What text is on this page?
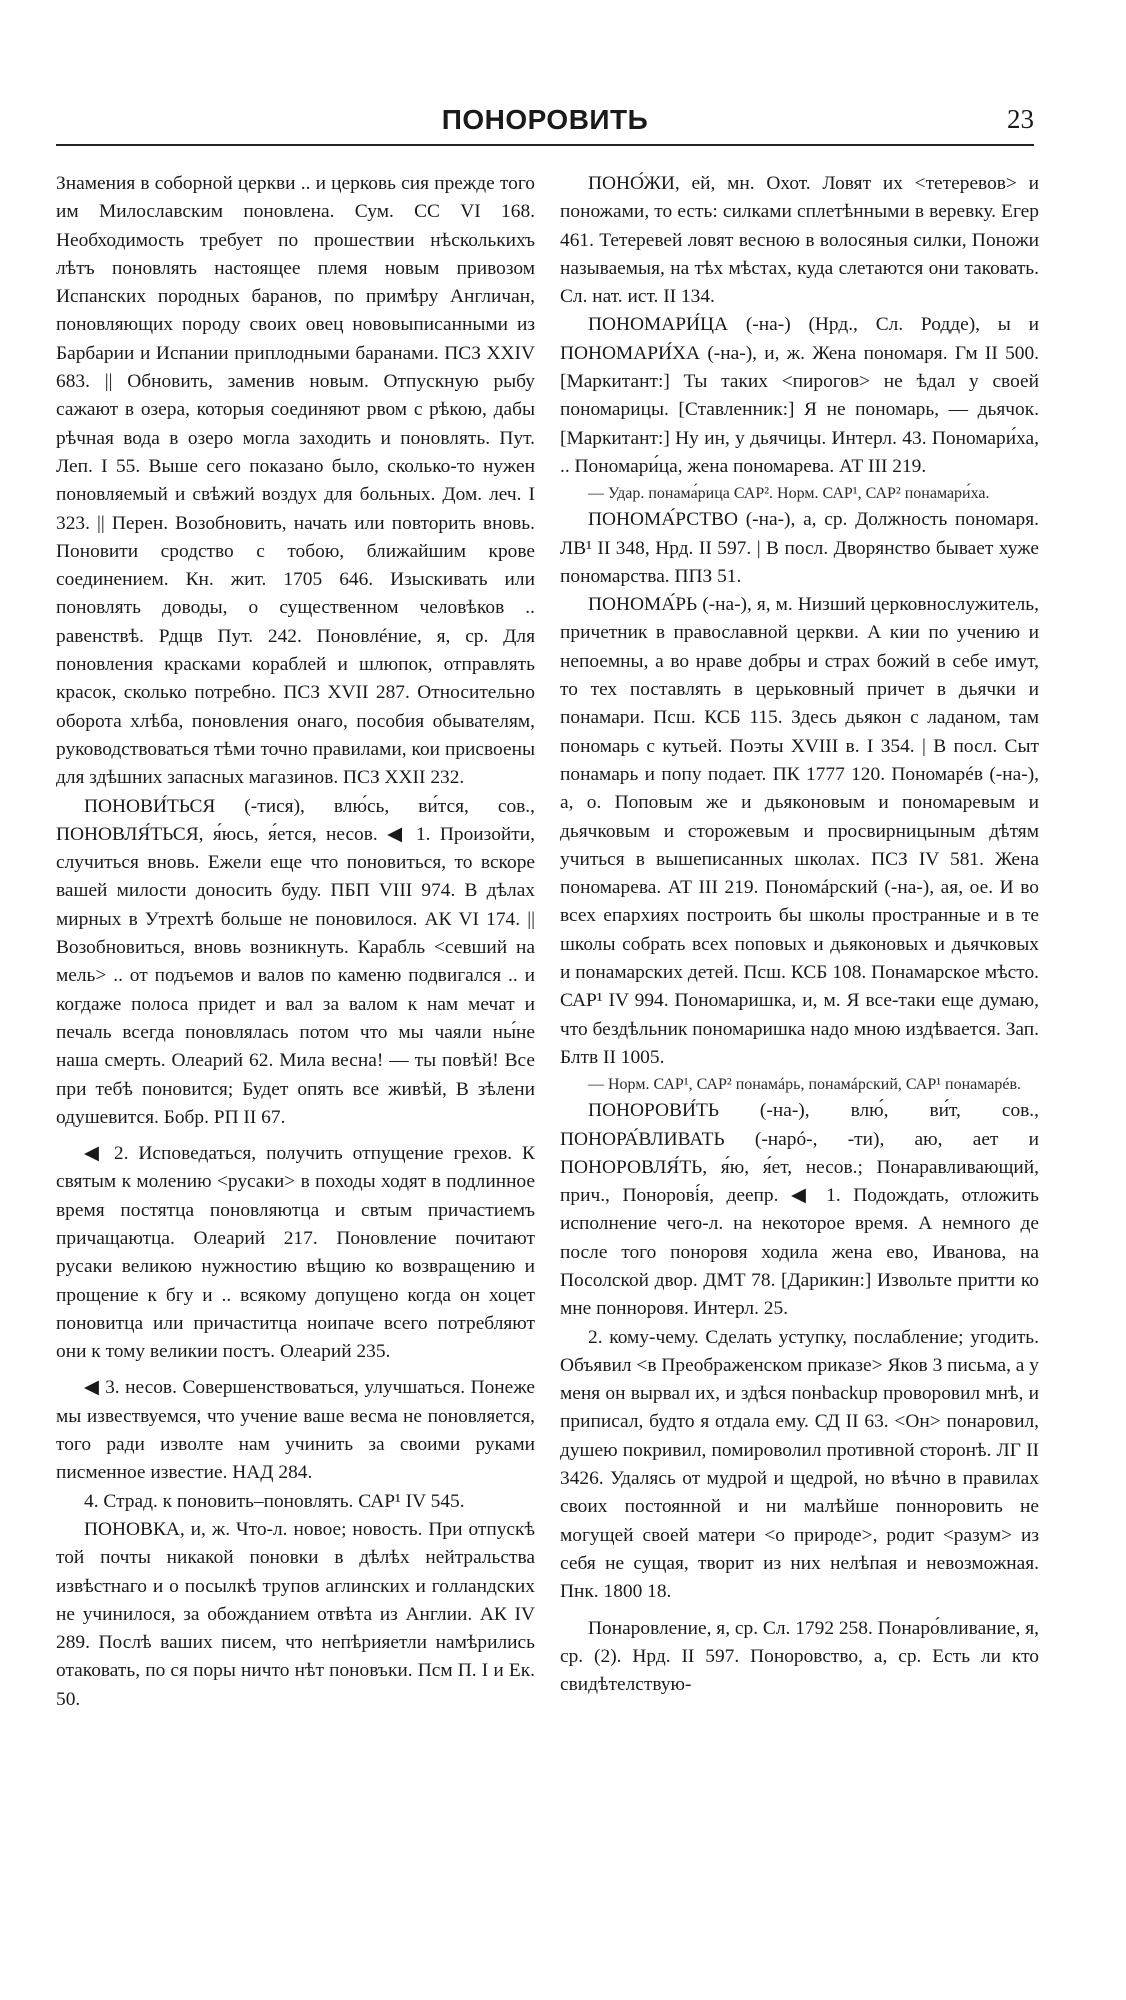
ПОНОРОВИТЬ	23

Знамения в соборной церкви .. и церковь сия прежде того им Милославским поновлена. Сум. СС VI 168. Необходимость требует по прошествии нѣсколькихъ лѣтъ поновлять настоящее племя новым привозом Испанских породных баранов, по примѣру Англичан, поновляющих породу своих овец нововыписанными из Барбарии и Испании приплодными баранами. ПСЗ XXIV 683. || Обновить, заменив новым. Отпускную рыбу сажают в озера, которыя соединяют рвом с рѣкою, дабы рѣчная вода в озеро могла заходить и поновлять. Пут. Леп. I 55. Выше сего показано было, сколько-то нужен поновляемый и свѣжий воздух для больных. Дом. леч. I 323. || Перен. Возобновить, начать или повторить вновь. Поновити сродство с тобою, ближайшим крове соединением. Кн. жит. 1705 646. Изыскивать или поновлять доводы, о существенном человѣков .. равенствѣ. Рдщв Пут. 242. Поновлéние, я, ср. Для поновления красками кораблей и шлюпок, отправлять красок, сколько потребно. ПСЗ XVII 287. Относительно оборота хлѣба, поновления онаго, пособия обывателям, руководствоваться тѣми точно правилами, кои присвоены для здѣшних запасных магазинов. ПСЗ XXII 232.

ПОНОВИ́ТЬСЯ (-тися), влю́сь, ви́тся, сов., ПОНОВЛЯ́ТЬСЯ, я́юсь, я́ется, несов. ◀ 1. Произойти, случиться вновь. Ежели еще что поновиться, то вскоре вашей милости доносить буду. ПБП VIII 974. В дѣлах мирных в Утрехтѣ больше не поновилося. АК VI 174. || Возобновиться, вновь возникнуть. Карабль <севший на мель> .. от подъемов и валов по каменю подвигался .. и когдаже полоса придет и вал за валом к нам мечат и печаль всегда поновлялась потом что мы чаяли ны́не наша смерть. Олеарий 62. Мила весна! — ты повѣй! Все при тебѣ поновится; Будет опять все живѣй, В зѣлени одушевится. Бобр. РП II 67.

◀ 2. Исповедаться, получить отпущение грехов. К святым к молению <русаки> в походы ходят в подлинное время постятца поновляютца и свтым причастиемъ причащаютца. Олеарий 217. Поновление почитают русаки великою нужностию вѣщию ко возвращению и прощение к бгу и .. всякому допущено когда он хоцет поновитца или причаститца ноипаче всего потребляют они к тому великии постъ. Олеарий 235.

◀ 3. несов. Совершенствоваться, улучшаться. Понеже мы извествуемся, что учение ваше весма не поновляется, того ради изволте нам учинить за своими руками писменное известие. НАД 284.

4. Страд. к поновить–поновлять. САР¹ IV 545.

ПОНОВКА, и, ж. Что-л. новое; новость. При отпускѣ той почты никакой поновки в дѣлѣх нейтральства извѣстнаго и о посылкѣ трупов аглинских и голландских не учинилося, за обожданием отвѣта из Англии. АК IV 289. Послѣ ваших писем, что непѣрияетли намѣрились отаковать, по ся поры ничто нѣт поновъки. Псм П. I и Ек. 50.

ПОНО́ЖИ, ей, мн. Охот. Ловят их <тетеревов> и поножами, то есть: силками сплетѣнными в веревку. Егер 461. Тетеревей ловят весною в волосяныя силки, Поножи называемыя, на тѣх мѣстах, куда слетаются они таковать. Сл. нат. ист. II 134.

ПОНОМАРИ́ЦА (-на-) (Нрд., Сл. Родде), ы и ПОНОМАРИ́ХА (-на-), и, ж. Жена пономаря. Гм II 500. [Маркитант:] Ты таких <пирогов> не ѣдал у своей пономарицы. [Ставленник:] Я не пономарь, — дьячок. [Маркитант:] Ну ин, у дьячицы. Интерл. 43. Пономари́ха, .. Пономари́ца, жена пономарева. АТ III 219.

— Удар. понама́рица САР². Норм. САР¹, САР² понамари́ха.

ПОНОМА́РСТВО (-на-), а, ср. Должность пономаря. ЛВ¹ II 348, Нрд. II 597. | В посл. Дворянство бывает хуже пономарства. ППЗ 51.

ПОНОМА́РЬ (-на-), я, м. Низший церковнослужитель, причетник в православной церкви. А кии по учению и непоемны, а во нраве добры и страх божий в себе имут, то тех поставлять в церьковный причет в дьячки и понамари. Псш. КСБ 115. Здесь дьякон с ладаном, там пономарь с кутьей. Поэты XVIII в. I 354. | В посл. Сыт понамарь и попу подает. ПК 1777 120. Пономарéв (-на-), а, о. Поповым же и дьяконовым и пономаревым и дьячковым и сторожевым и просвирницыным дѣтям учиться в вышеписанных школах. ПСЗ IV 581. Жена пономарева. АТ III 219. Пономáрский (-на-), ая, ое. И во всех епархиях построить бы школы пространные и в те школы собрать всех поповых и дьяконовых и дьячковых и понамарских детей. Псш. КСБ 108. Понамарское мѣсто. САР¹ IV 994. Пономаришка, и, м. Я все-таки еще думаю, что бездѣльник пономаришка надо мною издѣвается. Зап. Блтв II 1005.

— Норм. САР¹, САР² понамáрь, понамáрский, САР¹ понамарéв.

ПОНОРОВИ́ТЬ (-на-), влю́, ви́т, сов., ПОНОРА́ВЛИВАТЬ (-нарó-, -ти), аю, ает и ПОНОРОВЛЯ́ТЬ, я́ю, я́ет, несов.; Понаравливающий, прич., Понорові́я, деепр. ◀ 1. Подождать, отложить исполнение чего-л. на некоторое время. А немного де после того поноровя ходила жена ево, Иванова, на Посолской двор. ДМТ 78. [Дарикин:] Извольте притти ко мне понноровя. Интерл. 25.

2. кому-чему. Сделать уступку, послабление; угодить. Объявил <в Преображенском приказе> Яков 3 письма, а у меня он вырвал их, и здѣся понbackup проворовил мнѣ, и приписал, будто я отдала ему. СД II 63. <Он> понаровил, душею покривил, помироволил противной сторонѣ. ЛГ II 3426. Удалясь от мудрой и щедрой, но вѣчно в правилах своих постоянной и ни малѣйше понноровить не могущей своей матери <о природе>, родит <разум> из себя не сущая, творит из них нелѣпая и невозможная. Пнк. 1800 18.

Понаровление, я, ср. Сл. 1792 258. Понаро́вливание, я, ср. (2). Нрд. II 597. Поноровство, а, ср. Есть ли кто свидѣтелствую-
